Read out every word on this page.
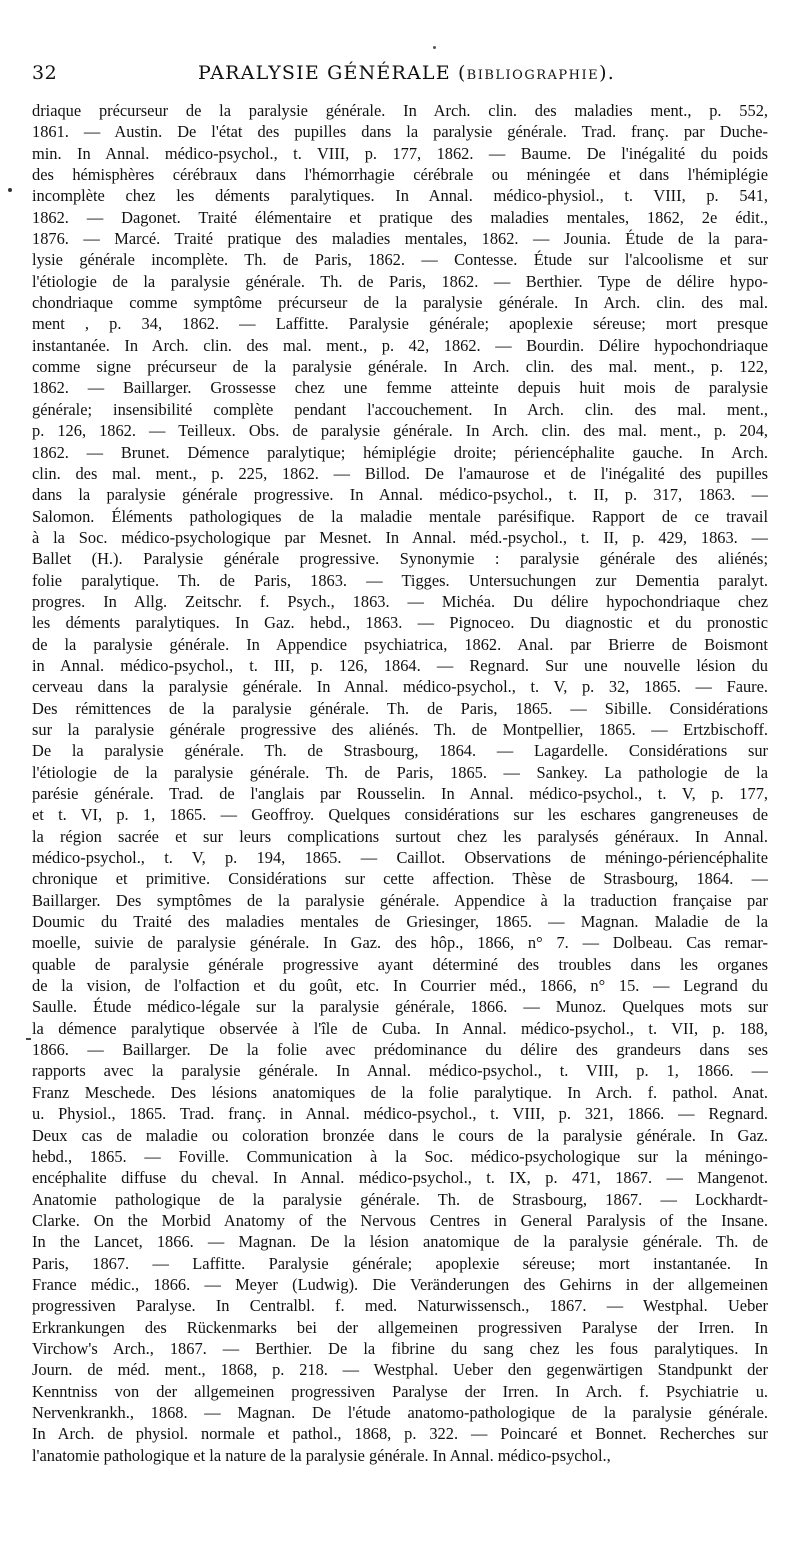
32	PARALYSIE GÉNÉRALE (BIBLIOGRAPHIE).
driaque précurseur de la paralysie générale. In Arch. clin. des maladies ment., p. 552,
1861. — Austin. De l'état des pupilles dans la paralysie générale. Trad. franç. par Duche-
min. In Annal. médico-psychol., t. VIII, p. 177, 1862. — Baume. De l'inégalité du poids
des hémisphères cérébraux dans l'hémorrhagie cérébrale ou méningée et dans l'hémiplégie
incomplète chez les déments paralytiques. In Annal. médico-physiol., t. VIII, p. 541,
1862. — Dagonet. Traité élémentaire et pratique des maladies mentales, 1862, 2e édit.,
1876. — Marcé. Traité pratique des maladies mentales, 1862. — Jounia. Étude de la para-
lysie générale incomplète. Th. de Paris, 1862. — Contesse. Étude sur l'alcoolisme et sur
l'étiologie de la paralysie générale. Th. de Paris, 1862. — Berthier. Type de délire hypo-
chondriaque comme symptôme précurseur de la paralysie générale. In Arch. clin. des mal.
ment , p. 34, 1862. — Laffitte. Paralysie générale; apoplexie séreuse; mort presque
instantanée. In Arch. clin. des mal. ment., p. 42, 1862. — Bourdin. Délire hypochondriaque
comme signe précurseur de la paralysie générale. In Arch. clin. des mal. ment., p. 122,
1862. — Baillarger. Grossesse chez une femme atteinte depuis huit mois de paralysie
générale; insensibilité complète pendant l'accouchement. In Arch. clin. des mal. ment.,
p. 126, 1862. — Teilleux. Obs. de paralysie générale. In Arch. clin. des mal. ment., p. 204,
1862. — Brunet. Démence paralytique; hémiplégie droite; périencéphalite gauche. In Arch.
clin. des mal. ment., p. 225, 1862. — Billod. De l'amaurose et de l'inégalité des pupilles
dans la paralysie générale progressive. In Annal. médico-psychol., t. II, p. 317, 1863. —
Salomon. Éléments pathologiques de la maladie mentale parésifique. Rapport de ce travail
à la Soc. médico-psychologique par Mesnet. In Annal. méd.-psychol., t. II, p. 429, 1863. —
Ballet (H.). Paralysie générale progressive. Synonymie : paralysie générale des aliénés;
folie paralytique. Th. de Paris, 1863. — Tigges. Untersuchungen zur Dementia paralyt.
progres. In Allg. Zeitschr. f. Psych., 1863. — Michéa. Du délire hypochondriaque chez
les déments paralytiques. In Gaz. hebd., 1863. — Pignoceo. Du diagnostic et du pronostic
de la paralysie générale. In Appendice psychiatrica, 1862. Anal. par Brierre de Boismont
in Annal. médico-psychol., t. III, p. 126, 1864. — Regnard. Sur une nouvelle lésion du
cerveau dans la paralysie générale. In Annal. médico-psychol., t. V, p. 32, 1865. — Faure.
Des rémittences de la paralysie générale. Th. de Paris, 1865. — Sibille. Considérations
sur la paralysie générale progressive des aliénés. Th. de Montpellier, 1865. — Ertzbischoff.
De la paralysie générale. Th. de Strasbourg, 1864. — Lagardelle. Considérations sur
l'étiologie de la paralysie générale. Th. de Paris, 1865. — Sankey. La pathologie de la
parésie générale. Trad. de l'anglais par Rousselin. In Annal. médico-psychol., t. V, p. 177,
et t. VI, p. 1, 1865. — Geoffroy. Quelques considérations sur les eschares gangreneuses de
la région sacrée et sur leurs complications surtout chez les paralysés généraux. In Annal.
médico-psychol., t. V, p. 194, 1865. — Caillot. Observations de méningo-périencéphalite
chronique et primitive. Considérations sur cette affection. Thèse de Strasbourg, 1864. —
Baillarger. Des symptômes de la paralysie générale. Appendice à la traduction française par
Doumic du Traité des maladies mentales de Griesinger, 1865. — Magnan. Maladie de la
moelle, suivie de paralysie générale. In Gaz. des hôp., 1866, n° 7. — Dolbeau. Cas remar-
quable de paralysie générale progressive ayant déterminé des troubles dans les organes
de la vision, de l'olfaction et du goût, etc. In Courrier méd., 1866, n° 15. — Legrand du
Saulle. Étude médico-légale sur la paralysie générale, 1866. — Munoz. Quelques mots sur
la démence paralytique observée à l'île de Cuba. In Annal. médico-psychol., t. VII, p. 188,
1866. — Baillarger. De la folie avec prédominance du délire des grandeurs dans ses
rapports avec la paralysie générale. In Annal. médico-psychol., t. VIII, p. 1, 1866. —
Franz Meschede. Des lésions anatomiques de la folie paralytique. In Arch. f. pathol. Anat.
u. Physiol., 1865. Trad. franç. in Annal. médico-psychol., t. VIII, p. 321, 1866. — Regnard.
Deux cas de maladie ou coloration bronzée dans le cours de la paralysie générale. In Gaz.
hebd., 1865. — Foville. Communication à la Soc. médico-psychologique sur la méningo-
encéphalite diffuse du cheval. In Annal. médico-psychol., t. IX, p. 471, 1867. — Mangenot.
Anatomie pathologique de la paralysie générale. Th. de Strasbourg, 1867. — Lockhardt-
Clarke. On the Morbid Anatomy of the Nervous Centres in General Paralysis of the Insane.
In the Lancet, 1866. — Magnan. De la lésion anatomique de la paralysie générale. Th. de
Paris, 1867. — Laffitte. Paralysie générale; apoplexie séreuse; mort instantanée. In
France médic., 1866. — Meyer (Ludwig). Die Veränderungen des Gehirns in der allgemeinen
progressiven Paralyse. In Centralbl. f. med. Naturwissensch., 1867. — Westphal. Ueber
Erkrankungen des Rückenmarks bei der allgemeinen progressiven Paralyse der Irren. In
Virchow's Arch., 1867. — Berthier. De la fibrine du sang chez les fous paralytiques. In
Journ. de méd. ment., 1868, p. 218. — Westphal. Ueber den gegenwärtigen Standpunkt der
Kenntniss von der allgemeinen progressiven Paralyse der Irren. In Arch. f. Psychiatrie u.
Nervenkrankh., 1868. — Magnan. De l'étude anatomo-pathologique de la paralysie générale.
In Arch. de physiol. normale et pathol., 1868, p. 322. — Poincaré et Bonnet. Recherches sur
l'anatomie pathologique et la nature de la paralysie générale. In Annal. médico-psychol.,
